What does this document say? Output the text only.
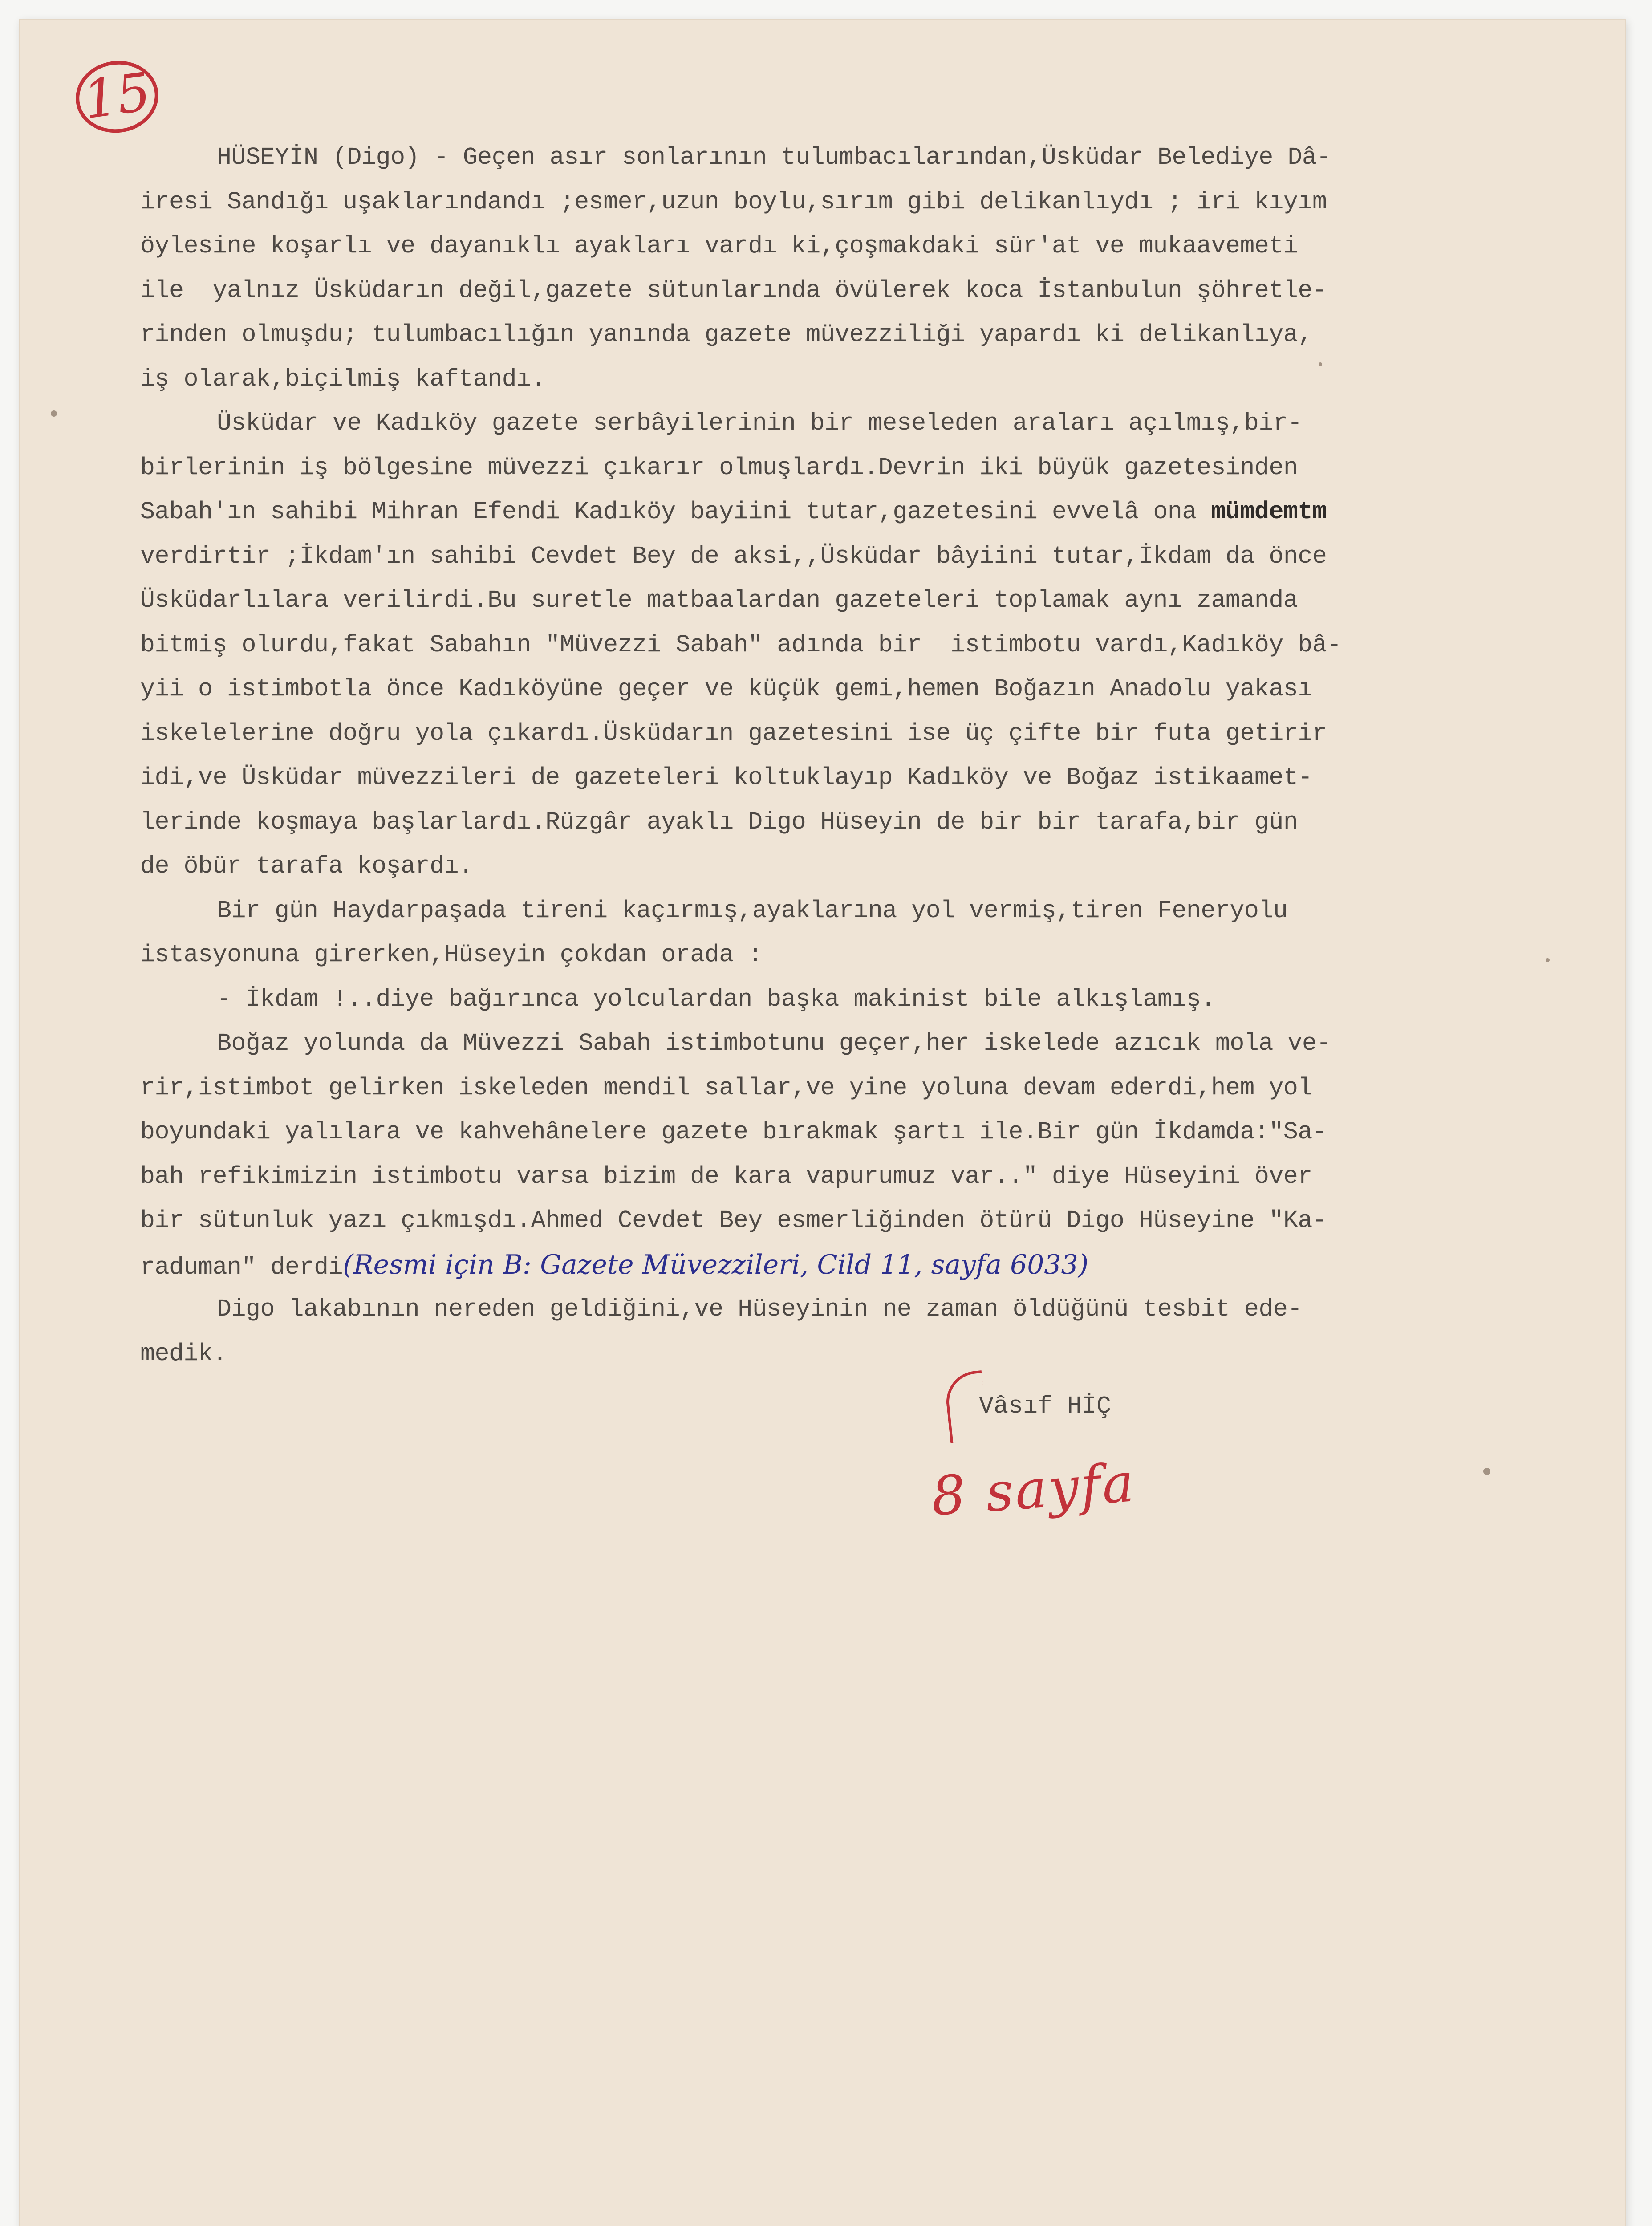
15
HÜSEYİN (Digo) - Geçen asır sonlarının tulumbacılarından,Üsküdar Belediye Dâ-
iresi Sandığı uşaklarındandı ;esmer,uzun boylu,sırım gibi delikanlıydı ; iri kıyım
öylesine koşarlı ve dayanıklı ayakları vardı ki,çoşmakdaki sür'at ve mukaavemeti
ile  yalnız Üsküdarın değil,gazete sütunlarında övülerek koca İstanbulun şöhretle-
rinden olmuşdu; tulumbacılığın yanında gazete müvezziliği yapardı ki delikanlıya,
iş olarak,biçilmiş kaftandı.
Üsküdar ve Kadıköy gazete serbâyilerinin bir meseleden araları açılmış,bir-
birlerinin iş bölgesine müvezzi çıkarır olmuşlardı.Devrin iki büyük gazetesinden
Sabah'ın sahibi Mihran Efendi Kadıköy bayiini tutar,gazetesini evvelâ ona mümdemtm
verdirtir ;İkdam'ın sahibi Cevdet Bey de aksi,,Üsküdar bâyiini tutar,İkdam da önce
Üsküdarlılara verilirdi.Bu suretle matbaalardan gazeteleri toplamak aynı zamanda
bitmiş olurdu,fakat Sabahın "Müvezzi Sabah" adında bir  istimbotu vardı,Kadıköy bâ-
yii o istimbotla önce Kadıköyüne geçer ve küçük gemi,hemen Boğazın Anadolu yakası
iskelelerine doğru yola çıkardı.Üsküdarın gazetesini ise üç çifte bir futa getirir
idi,ve Üsküdar müvezzileri de gazeteleri koltuklayıp Kadıköy ve Boğaz istikaamet-
lerinde koşmaya başlarlardı.Rüzgâr ayaklı Digo Hüseyin de bir bir tarafa,bir gün
de öbür tarafa koşardı.
Bir gün Haydarpaşada tireni kaçırmış,ayaklarına yol vermiş,tiren Feneryolu
istasyonuna girerken,Hüseyin çokdan orada :
- İkdam !..diye bağırınca yolculardan başka makinist bile alkışlamış.
Boğaz yolunda da Müvezzi Sabah istimbotunu geçer,her iskelede azıcık mola ve-
rir,istimbot gelirken iskeleden mendil sallar,ve yine yoluna devam ederdi,hem yol
boyundaki yalılara ve kahvehânelere gazete bırakmak şartı ile.Bir gün İkdamda:"Sa-
bah refikimizin istimbotu varsa bizim de kara vapurumuz var.." diye Hüseyini över
bir sütunluk yazı çıkmışdı.Ahmed Cevdet Bey esmerliğinden ötürü Digo Hüseyine "Ka-
raduman" derdi(Resmi için B: Gazete Müvezzileri, Cild 11, sayfa 6033)
Digo lakabının nereden geldiğini,ve Hüseyinin ne zaman öldüğünü tesbit ede-
medik.
Vâsıf HİÇ
8 sayfa
